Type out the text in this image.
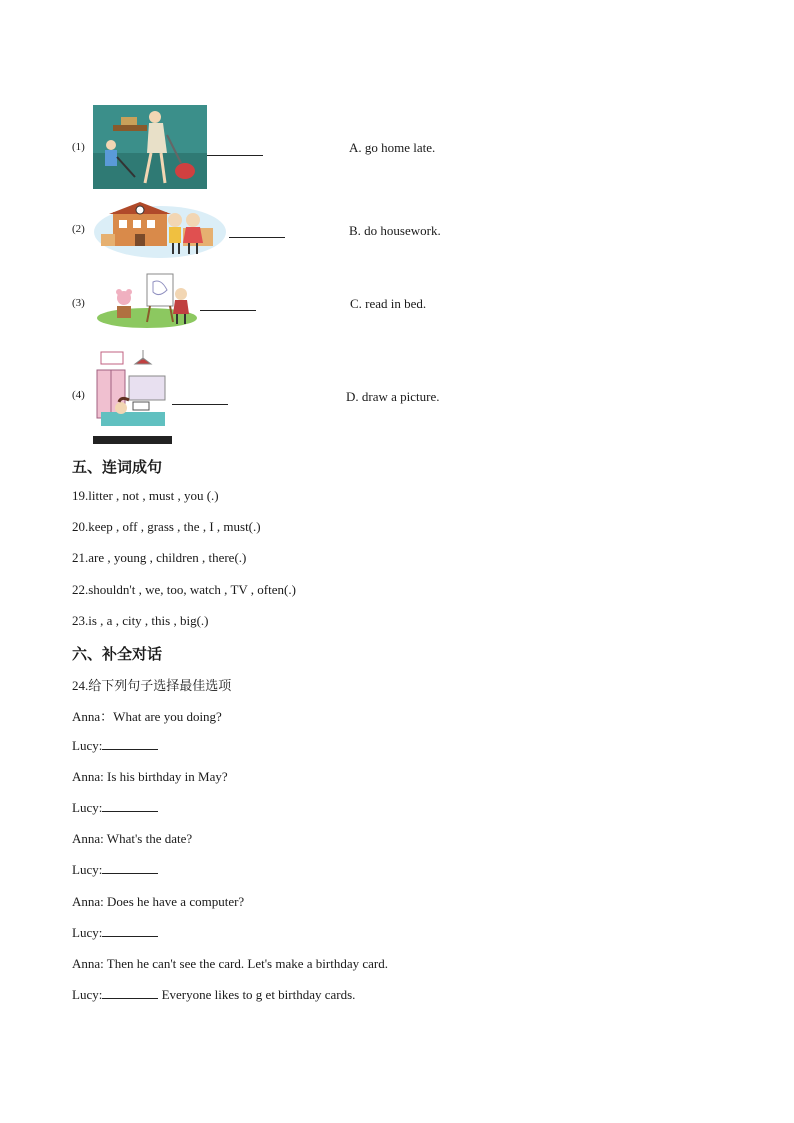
(1)	A. go home late.
(2)	B. do housework.
(3)	C. read in bed.
(4)	D. draw a picture.
五、连词成句
19.litter , not , must , you (.)
20.keep , off , grass , the , I , must(.)
21.are , young , children , there(.)
22.shouldn't , we, too, watch , TV , often(.)
23.is , a , city , this , big(.)
六、补全对话
24.给下列句子选择最佳选项
Anna：What are you doing?
Lucy:
Anna: Is his birthday in May?
Lucy:
Anna: What's the date?
Lucy:
Anna: Does he have a computer?
Lucy:
Anna: Then he can't see the card. Let's make a birthday card.
Lucy:	Everyone likes to g et birthday cards.
